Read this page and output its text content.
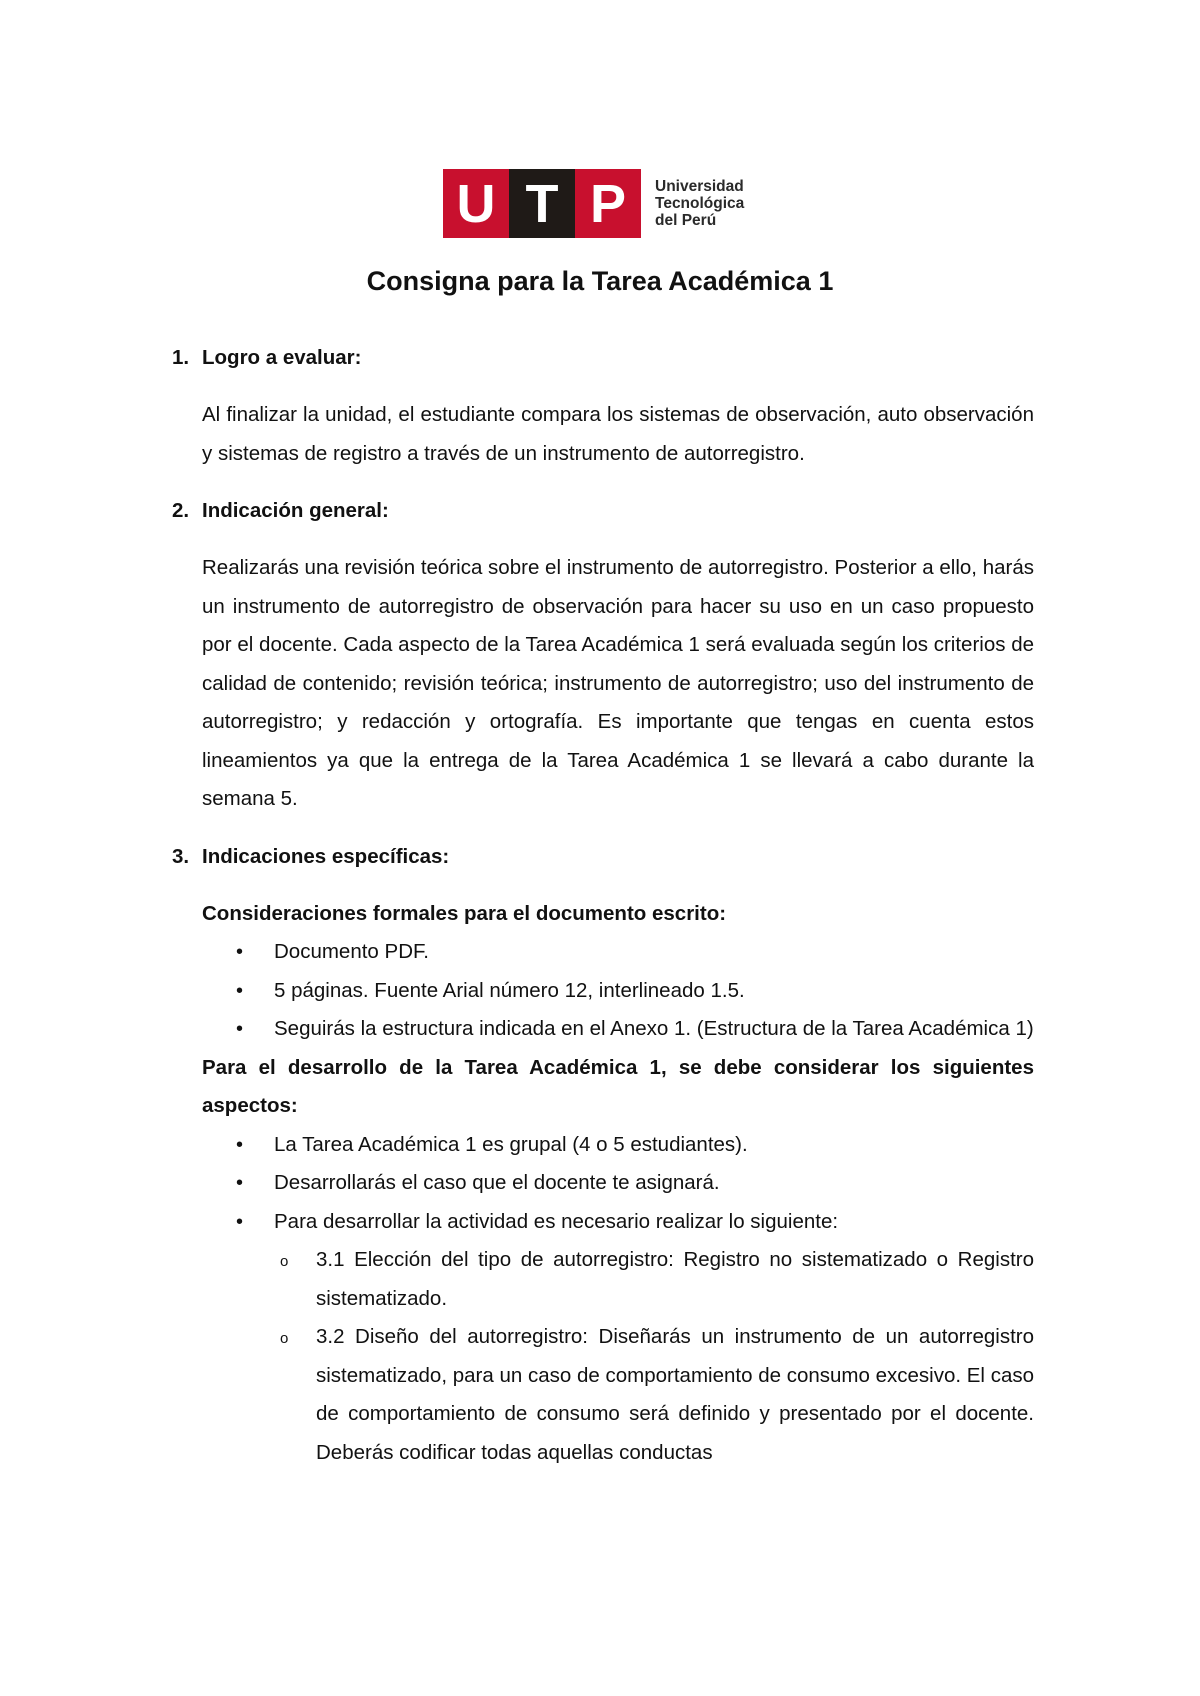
U T P	Universidad
Tecnológica
del Perú
Consigna para la Tarea Académica 1

1. Logro a evaluar:

Al finalizar la unidad, el estudiante compara los sistemas de observación, auto observación y sistemas de registro a través de un instrumento de autorregistro.

2. Indicación general:

Realizarás una revisión teórica sobre el instrumento de autorregistro. Posterior a ello, harás un instrumento de autorregistro de observación para hacer su uso en un caso propuesto por el docente. Cada aspecto de la Tarea Académica 1 será evaluada según los criterios de calidad de contenido; revisión teórica; instrumento de autorregistro; uso del instrumento de autorregistro; y redacción y ortografía. Es importante que tengas en cuenta estos lineamientos ya que la entrega de la Tarea Académica 1 se llevará a cabo durante la semana 5.

3. Indicaciones específicas:

Consideraciones formales para el documento escrito:

• Documento PDF.
• 5 páginas. Fuente Arial número 12, interlineado 1.5.
• Seguirás la estructura indicada en el Anexo 1. (Estructura de la Tarea Académica 1)

Para el desarrollo de la Tarea Académica 1, se debe considerar los siguientes aspectos:

• La Tarea Académica 1 es grupal (4 o 5 estudiantes).
• Desarrollarás el caso que el docente te asignará.
• Para desarrollar la actividad es necesario realizar lo siguiente:
o 3.1 Elección del tipo de autorregistro: Registro no sistematizado o Registro sistematizado.
o 3.2 Diseño del autorregistro: Diseñarás un instrumento de un autorregistro sistematizado, para un caso de comportamiento de consumo excesivo. El caso de comportamiento de consumo será definido y presentado por el docente. Deberás codificar todas aquellas conductas
